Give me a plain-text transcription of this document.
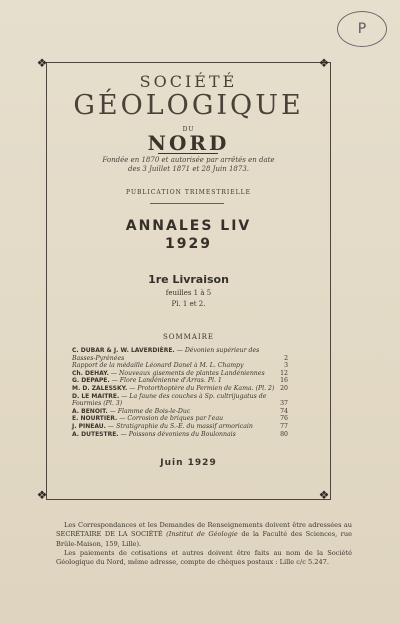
P
❖	❖
❖	❖
SOCIÉTÉ
GÉOLOGIQUE
DU
NORD
Fondée en 1870 et autorisée par arrêtés en date
des 3 Juillet 1871 et 28 Juin 1873.
PUBLICATION TRIMESTRIELLE
ANNALES LIV
1929
1re Livraison
feuilles 1 à 5
Pl. 1 et 2.
SOMMAIRE
C. DUBAR & J. W. LAVERDIÈRE. — Dévonien supérieur des Basses-Pyrénées	2
Rapport de la médaille Léonard Danel à M. L. Champy	3
Ch. DEHAY. — Nouveaux gisements de plantes Landéniennes 12
G. DEPAPE. — Flore Landénienne d'Arras. Pl. 1	16
M. D. ZALESSKY. — Protorthoptère du Permien de Kama. (Pl. 2) 20
D. LE MAITRE. — La faune des couches à Sp. cultrijugatus de Fourmies (Pl. 3)	37
A. BENOIT. — Flamme de Bois-le-Duc	74
E. NOURTIER. — Corrosion de briques par l'eau	76
J. PINEAU. — Stratigraphie du S.-E. du massif armoricain	77
A. DUTESTRE. — Poissons dévoniens du Boulonnais	80
Juin 1929

Les Correspondances et les Demandes de Renseignements doivent être adressées au SECRÉTAIRE DE LA SOCIÉTÉ (Institut de Géologie de la Faculté des Sciences, rue Brûle-Maison, 159, Lille).

Les paiements de cotisations et autres doivent être faits au nom de la Société Géologique du Nord, même adresse, compte de chèques postaux : Lille c/c 5.247.
